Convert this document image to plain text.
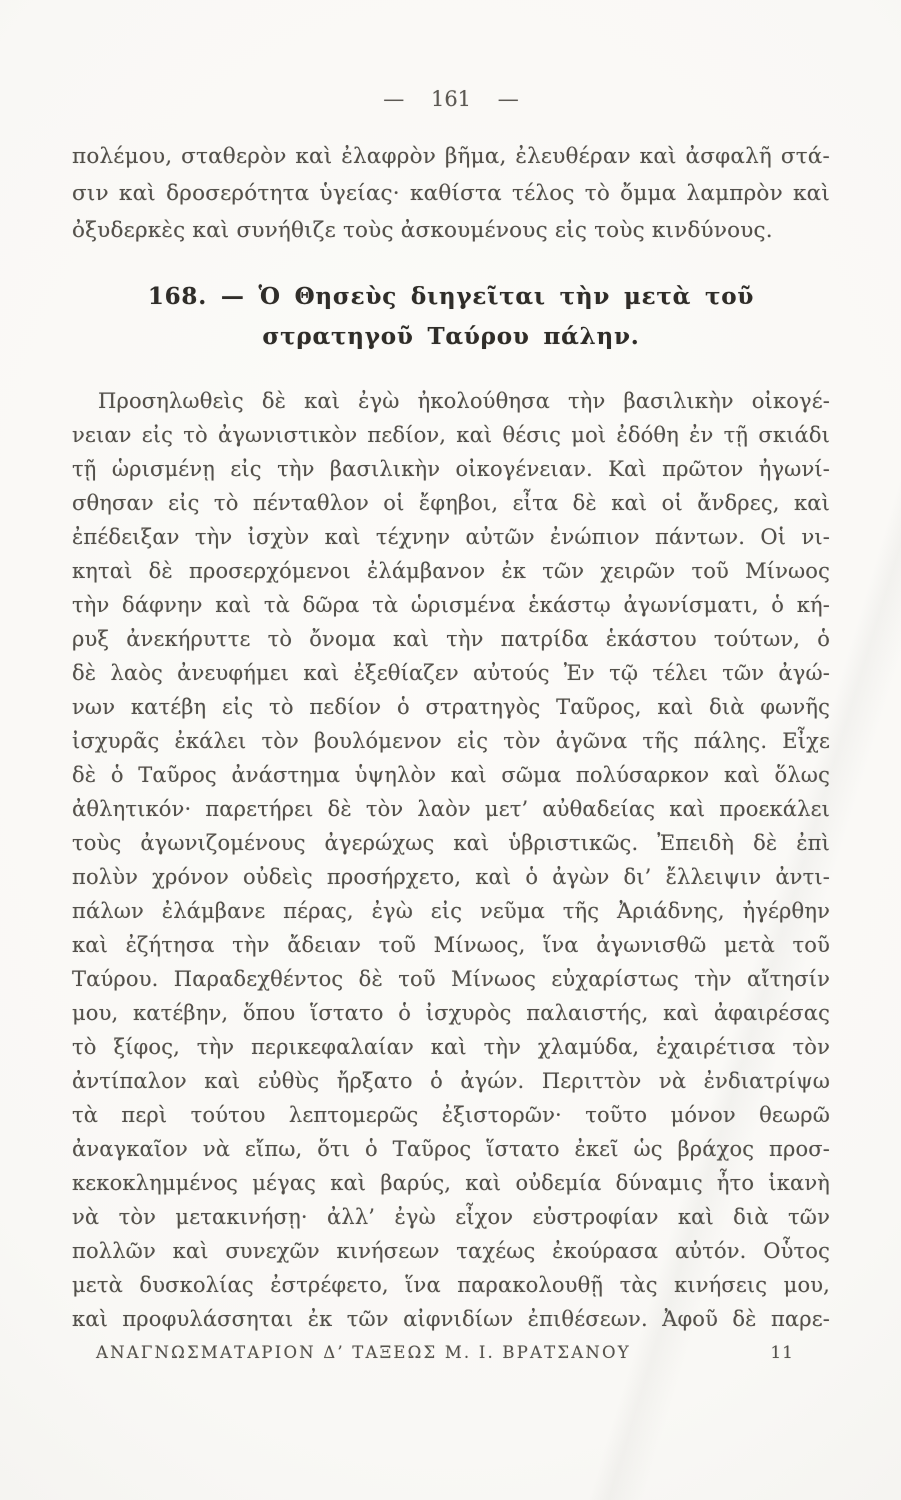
— 161 —
πολέμου, σταθερὸν καὶ ἐλαφρὸν βῆμα, ἐλευθέραν καὶ ἀσφαλῆ στά-
σιν καὶ δροσερότητα ὑγείας· καθίστα τέλος τὸ ὄμμα λαμπρὸν καὶ
ὀξυδερκὲς καὶ συνήθιζε τοὺς ἀσκουμένους εἰς τοὺς κινδύνους.
168. — Ὁ Θησεὺς διηγεῖται τὴν μετὰ τοῦ
στρατηγοῦ Ταύρου πάλην.
Προσηλωθεὶς δὲ καὶ ἐγὼ ἠκολούθησα τὴν βασιλικὴν οἰκογέ-
νειαν εἰς τὸ ἀγωνιστικὸν πεδίον, καὶ θέσις μοὶ ἐδόθη ἐν τῇ σκιάδι
τῇ ὡρισμένῃ εἰς τὴν βασιλικὴν οἰκογένειαν. Καὶ πρῶτον ἠγωνί-
σθησαν εἰς τὸ πένταθλον οἱ ἔφηβοι, εἶτα δὲ καὶ οἱ ἄνδρες, καὶ
ἐπέδειξαν τὴν ἰσχὺν καὶ τέχνην αὐτῶν ἐνώπιον πάντων. Οἱ νι-
κηταὶ δὲ προσερχόμενοι ἐλάμβανον ἐκ τῶν χειρῶν τοῦ Μίνωος
τὴν δάφνην καὶ τὰ δῶρα τὰ ὡρισμένα ἑκάστῳ ἀγωνίσματι, ὁ κή-
ρυξ ἀνεκήρυττε τὸ ὄνομα καὶ τὴν πατρίδα ἑκάστου τούτων, ὁ
δὲ λαὸς ἀνευφήμει καὶ ἐξεθίαζεν αὐτούς Ἐν τῷ τέλει τῶν ἀγώ-
νων κατέβη εἰς τὸ πεδίον ὁ στρατηγὸς Ταῦρος, καὶ διὰ φωνῆς
ἰσχυρᾶς ἐκάλει τὸν βουλόμενον εἰς τὸν ἀγῶνα τῆς πάλης. Εἶχε
δὲ ὁ Ταῦρος ἀνάστημα ὑψηλὸν καὶ σῶμα πολύσαρκον καὶ ὅλως
ἀθλητικόν· παρετήρει δὲ τὸν λαὸν μετ’ αὐθαδείας καὶ προεκάλει
τοὺς ἀγωνιζομένους ἀγερώχως καὶ ὑβριστικῶς. Ἐπειδὴ δὲ ἐπὶ
πολὺν χρόνον οὐδεὶς προσήρχετο, καὶ ὁ ἀγὼν δι’ ἔλλειψιν ἀντι-
πάλων ἐλάμβανε πέρας, ἐγὼ εἰς νεῦμα τῆς Ἀριάδνης, ἠγέρθην
καὶ ἐζήτησα τὴν ἄδειαν τοῦ Μίνωος, ἵνα ἀγωνισθῶ μετὰ τοῦ
Ταύρου. Παραδεχθέντος δὲ τοῦ Μίνωος εὐχαρίστως τὴν αἴτησίν
μου, κατέβην, ὅπου ἵστατο ὁ ἰσχυρὸς παλαιστής, καὶ ἀφαιρέσας
τὸ ξίφος, τὴν περικεφαλαίαν καὶ τὴν χλαμύδα, ἐχαιρέτισα τὸν
ἀντίπαλον καὶ εὐθὺς ἤρξατο ὁ ἀγών. Περιττὸν νὰ ἐνδιατρίψω
τὰ περὶ τούτου λεπτομερῶς ἐξιστορῶν· τοῦτο μόνον θεωρῶ
ἀναγκαῖον νὰ εἴπω, ὅτι ὁ Ταῦρος ἵστατο ἐκεῖ ὡς βράχος προσ-
κεκοκλημμένος μέγας καὶ βαρύς, καὶ οὐδεμία δύναμις ἦτο ἱκανὴ
νὰ τὸν μετακινήσῃ· ἀλλ’ ἐγὼ εἶχον εὐστροφίαν καὶ διὰ τῶν
πολλῶν καὶ συνεχῶν κινήσεων ταχέως ἐκούρασα αὐτόν. Οὗτος
μετὰ δυσκολίας ἐστρέφετο, ἵνα παρακολουθῇ τὰς κινήσεις μου,
καὶ προφυλάσσηται ἐκ τῶν αἰφνιδίων ἐπιθέσεων. Ἀφοῦ δὲ παρε-
ΑΝΑΓΝΩΣΜΑΤΑΡΙΟΝ Δ’ ΤΑΞΕΩΣ Μ. Ι. ΒΡΑΤΣΑΝΟΥ	11
